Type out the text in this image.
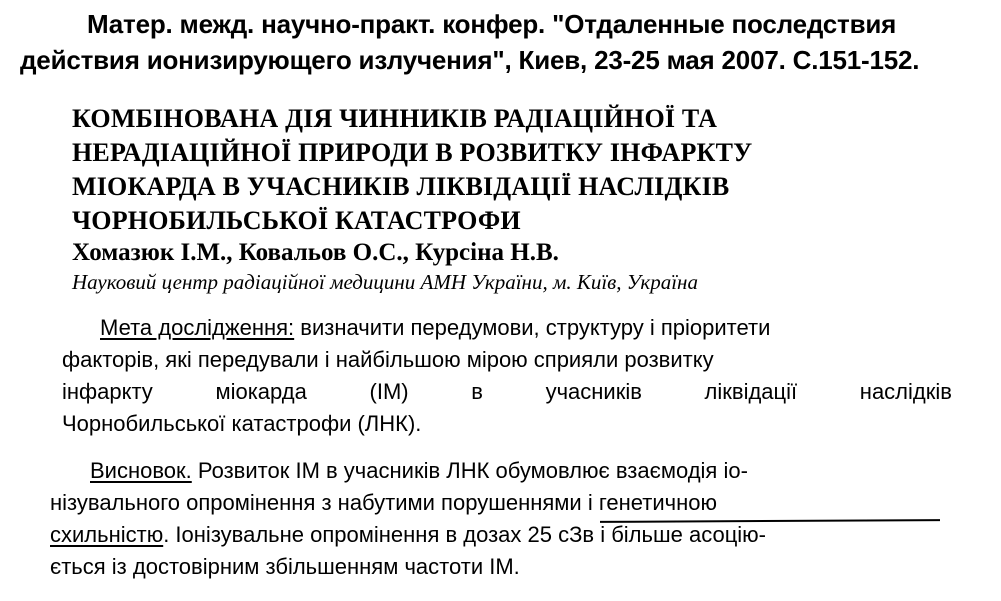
Матер. межд. научно-практ. конфер. "Отдаленные последствия
действия ионизирующего излучения", Киев, 23-25 мая 2007. С.151-152.
КОМБІНОВАНА ДІЯ ЧИННИКІВ РАДІАЦІЙНОЇ ТА
НЕРАДІАЦІЙНОЇ ПРИРОДИ В РОЗВИТКУ ІНФАРКТУ
МІОКАРДА В УЧАСНИКІВ ЛІКВІДАЦІЇ НАСЛІДКІВ
ЧОРНОБИЛЬСЬКОЇ КАТАСТРОФИ
Хомазюк І.М., Ковальов О.С., Курсіна Н.В.
Науковий центр радіаційної медицини АМН України, м. Київ, Україна
Мета дослідження: визначити передумови, структуру і пріоритети
факторів, які передували і найбільшою мірою сприяли розвитку
інфаркту	міокарда	(ІМ)	в	учасників	ліквідації	наслідків
Чорнобильської катастрофи (ЛНК).
Висновок. Розвиток ІМ в учасників ЛНК обумовлює взаємодія іо-
нізувального опромінення з набутими порушеннями і генетичною
схильністю. Іонізувальне опромінення в дозах 25 сЗв і більше асоцію-
ється із достовірним збільшенням частоти ІМ.
